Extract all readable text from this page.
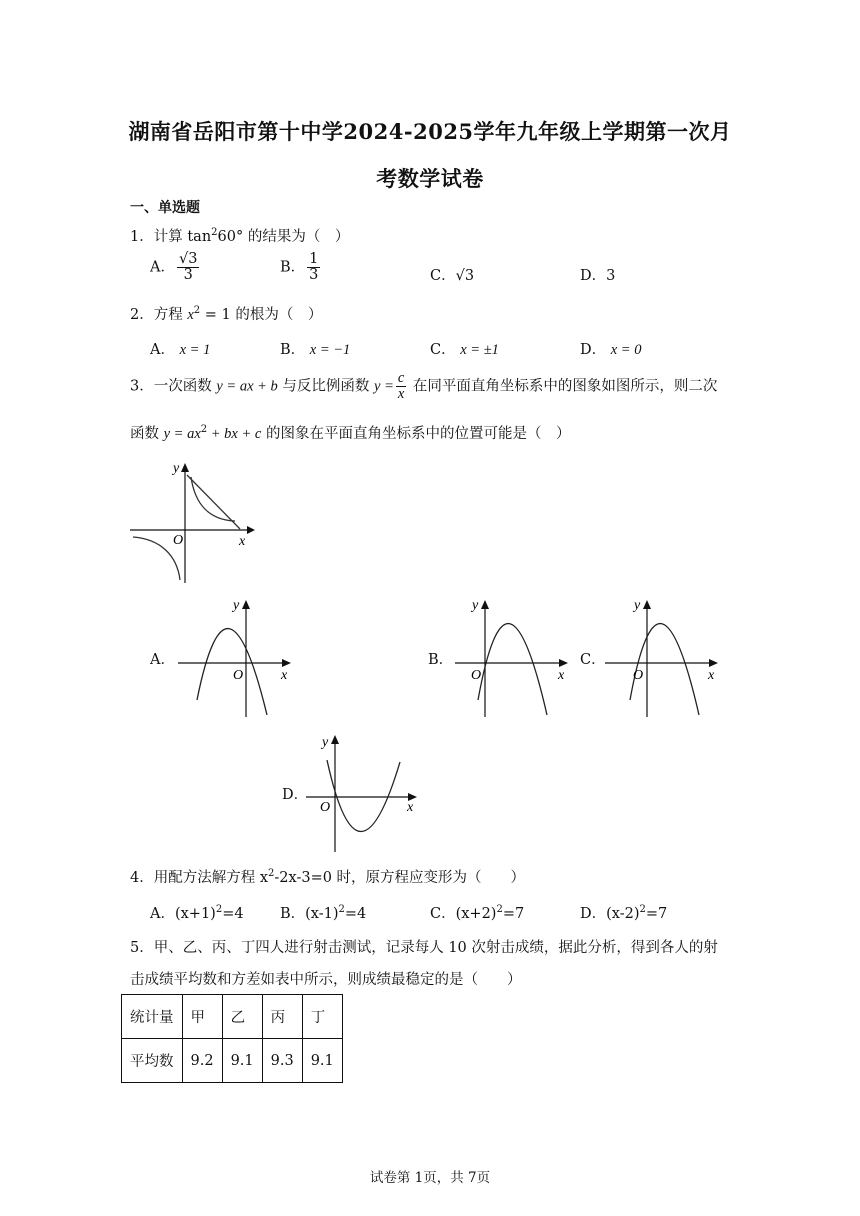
湖南省岳阳市第十中学2024-2025学年九年级上学期第一次月
考数学试卷
一、单选题
1．计算 $\tan^260^\circ$ 的结果为（　）
A． $\frac{√3}{3}$	B． $\frac{1}{3}$	C．√3	D．3
2．方程 $x^2 = 1$ 的根为（　）
A． x = 1	B． x = −1	C． x = ±1	D． x = 0
3．一次函数 y = ax + b 与反比例函数 $y = \frac{c}{x}$ 在同平面直角坐标系中的图象如图所示，则二次
函数 $y = ax^2$ + bx + c 的图象在平面直角坐标系中的位置可能是（　）
y
O	x
A．
y
O	x
B．
y
O	x
C．
y
O	x
D．
y
O	x
4．用配方法解方程 $x^2-2x-3=0$ 时，原方程应变形为（　　）
A．$(x+1)^2=4$	B．$(x-1)^2=4$	C．$(x+2)^2=7$	D．$(x-2)^2=7$
5．甲、乙、丙、丁四人进行射击测试，记录每人 10 次射击成绩，据此分析，得到各人的射
击成绩平均数和方差如表中所示，则成绩最稳定的是（　　）
统计量	甲	乙	丙	丁
平均数	9.2	9.1	9.3	9.1
试卷第 1页，共 7页
